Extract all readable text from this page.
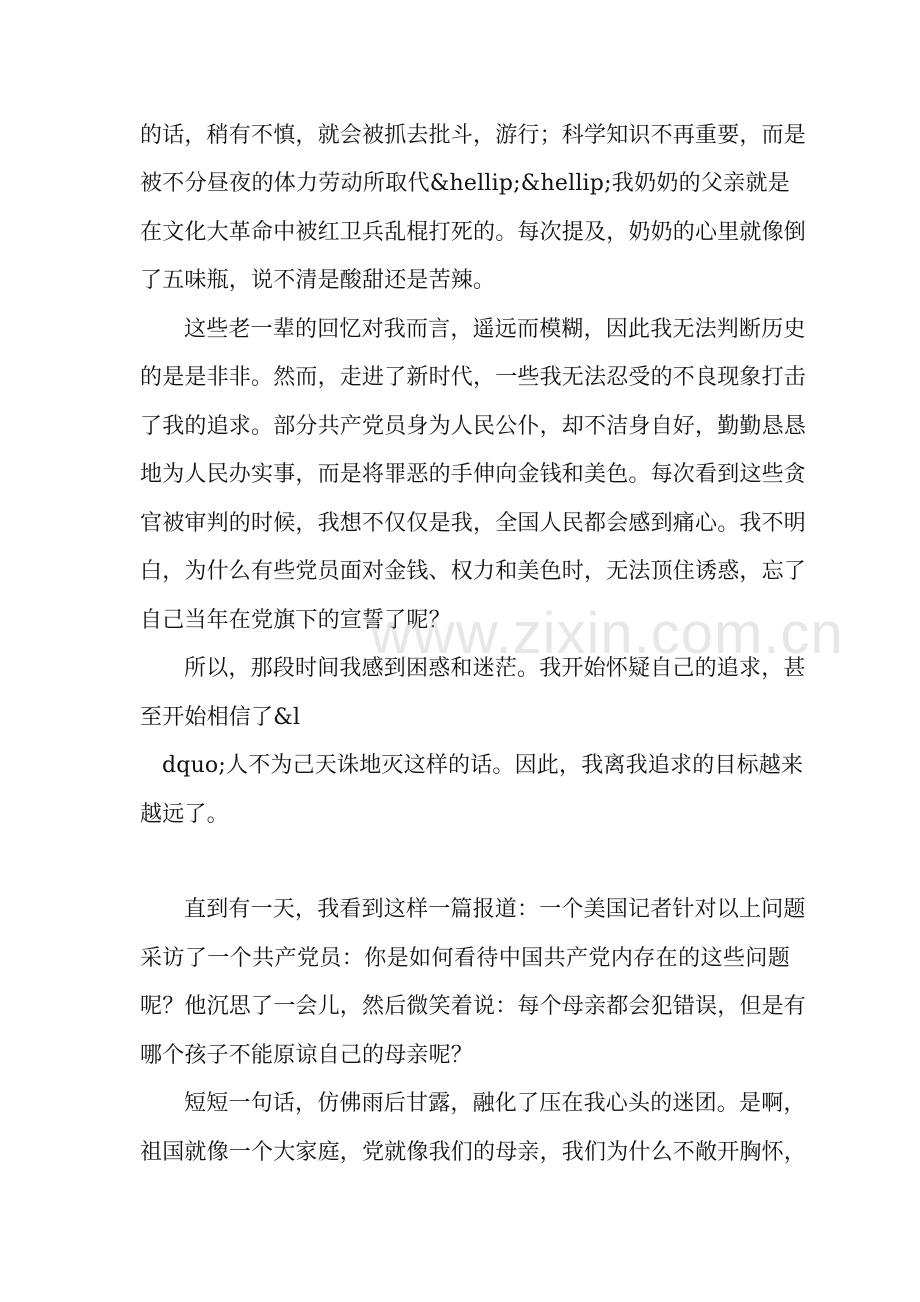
的话，稍有不慎，就会被抓去批斗，游行；科学知识不再重要，而是
被不分昼夜的体力劳动所取代&hellip;&hellip;我奶奶的父亲就是
在文化大革命中被红卫兵乱棍打死的。每次提及，奶奶的心里就像倒
了五味瓶，说不清是酸甜还是苦辣。
这些老一辈的回忆对我而言，遥远而模糊，因此我无法判断历史
的是是非非。然而，走进了新时代，一些我无法忍受的不良现象打击
了我的追求。部分共产党员身为人民公仆，却不洁身自好，勤勤恳恳
地为人民办实事，而是将罪恶的手伸向金钱和美色。每次看到这些贪
官被审判的时候，我想不仅仅是我，全国人民都会感到痛心。我不明
白，为什么有些党员面对金钱、权力和美色时，无法顶住诱惑，忘了
自己当年在党旗下的宣誓了呢？
所以，那段时间我感到困惑和迷茫。我开始怀疑自己的追求，甚
至开始相信了&l
dquo;人不为己天诛地灭这样的话。因此，我离我追求的目标越来
越远了。
直到有一天，我看到这样一篇报道：一个美国记者针对以上问题
采访了一个共产党员：你是如何看待中国共产党内存在的这些问题
呢？他沉思了一会儿，然后微笑着说：每个母亲都会犯错误，但是有
哪个孩子不能原谅自己的母亲呢？
短短一句话，仿佛雨后甘露，融化了压在我心头的迷团。是啊，
祖国就像一个大家庭，党就像我们的母亲，我们为什么不敞开胸怀，
www.zixin.com.cn
